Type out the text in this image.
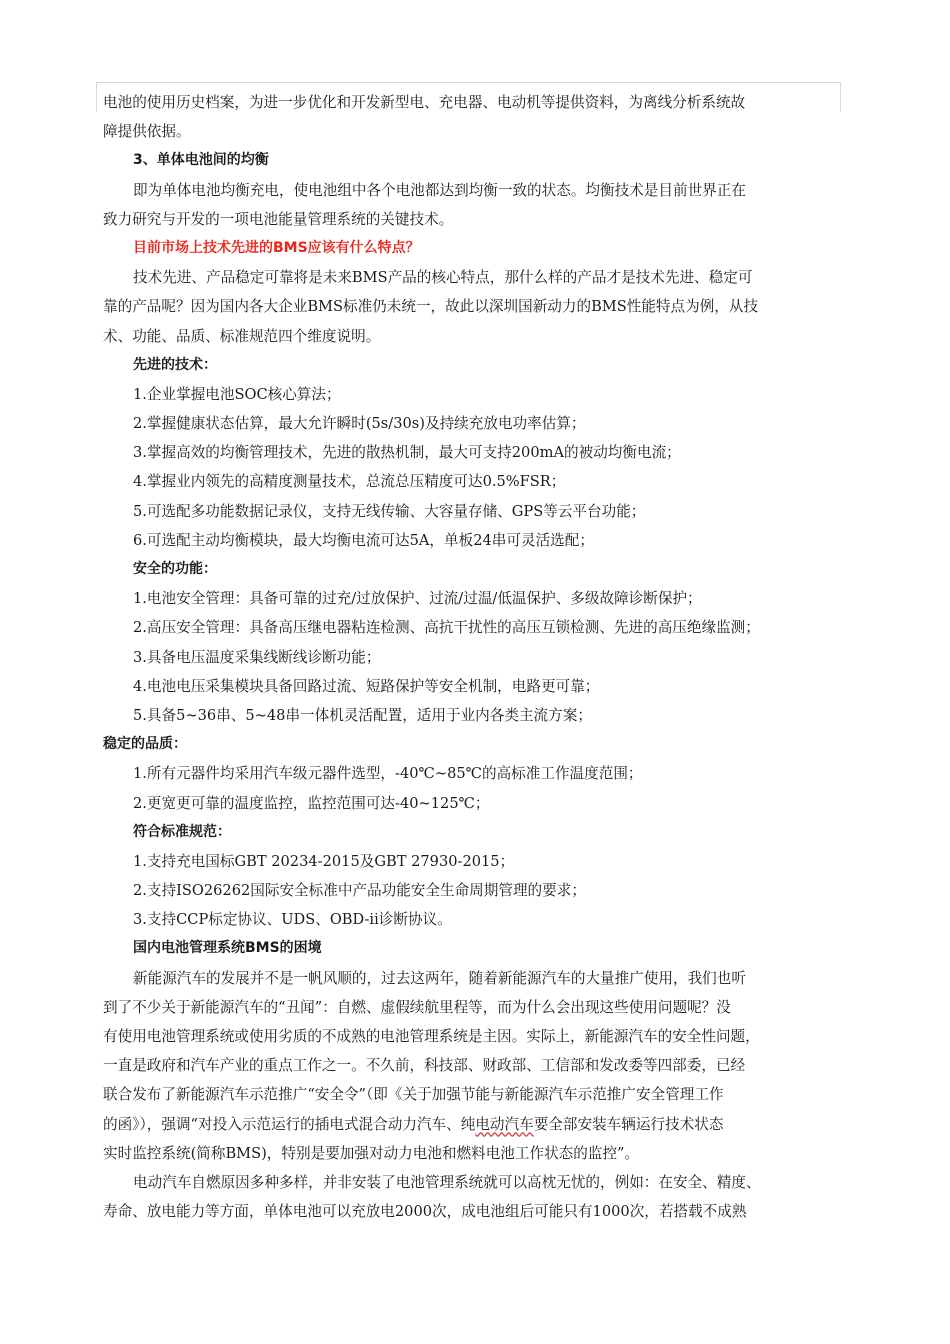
电池的使用历史档案，为进一步优化和开发新型电、充电器、电动机等提供资料，为离线分析系统故
障提供依据。
3、单体电池间的均衡
即为单体电池均衡充电，使电池组中各个电池都达到均衡一致的状态。均衡技术是目前世界正在
致力研究与开发的一项电池能量管理系统的关键技术。
目前市场上技术先进的BMS应该有什么特点？
技术先进、产品稳定可靠将是未来BMS产品的核心特点，那什么样的产品才是技术先进、稳定可
靠的产品呢？因为国内各大企业BMS标准仍未统一，故此以深圳国新动力的BMS性能特点为例，从技
术、功能、品质、标准规范四个维度说明。
先进的技术：
1.企业掌握电池SOC核心算法；
2.掌握健康状态估算，最大允许瞬时(5s/30s)及持续充放电功率估算；
3.掌握高效的均衡管理技术，先进的散热机制，最大可支持200mA的被动均衡电流；
4.掌握业内领先的高精度测量技术，总流总压精度可达0.5%FSR；
5.可选配多功能数据记录仪，支持无线传输、大容量存储、GPS等云平台功能；
6.可选配主动均衡模块，最大均衡电流可达5A，单板24串可灵活选配；
安全的功能：
1.电池安全管理：具备可靠的过充/过放保护、过流/过温/低温保护、多级故障诊断保护；
2.高压安全管理：具备高压继电器粘连检测、高抗干扰性的高压互锁检测、先进的高压绝缘监测；
3.具备电压温度采集线断线诊断功能；
4.电池电压采集模块具备回路过流、短路保护等安全机制，电路更可靠；
5.具备5~36串、5~48串一体机灵活配置，适用于业内各类主流方案；
稳定的品质：
1.所有元器件均采用汽车级元器件选型，-40℃~85℃的高标准工作温度范围；
2.更宽更可靠的温度监控，监控范围可达-40~125℃；
符合标准规范：
1.支持充电国标GBT 20234-2015及GBT 27930-2015；
2.支持ISO26262国际安全标准中产品功能安全生命周期管理的要求；
3.支持CCP标定协议、UDS、OBD-ii诊断协议。
国内电池管理系统BMS的困境
新能源汽车的发展并不是一帆风顺的，过去这两年，随着新能源汽车的大量推广使用，我们也听
到了不少关于新能源汽车的“丑闻”：自燃、虚假续航里程等，而为什么会出现这些使用问题呢？没
有使用电池管理系统或使用劣质的不成熟的电池管理系统是主因。实际上，新能源汽车的安全性问题，
一直是政府和汽车产业的重点工作之一。不久前，科技部、财政部、工信部和发改委等四部委，已经
联合发布了新能源汽车示范推广“安全令”（即《关于加强节能与新能源汽车示范推广安全管理工作
的函》），强调“对投入示范运行的插电式混合动力汽车、纯电动汽车要全部安装车辆运行技术状态
实时监控系统(简称BMS)，特别是要加强对动力电池和燃料电池工作状态的监控”。
电动汽车自燃原因多种多样，并非安装了电池管理系统就可以高枕无忧的，例如：在安全、精度、
寿命、放电能力等方面，单体电池可以充放电2000次，成电池组后可能只有1000次，若搭载不成熟
